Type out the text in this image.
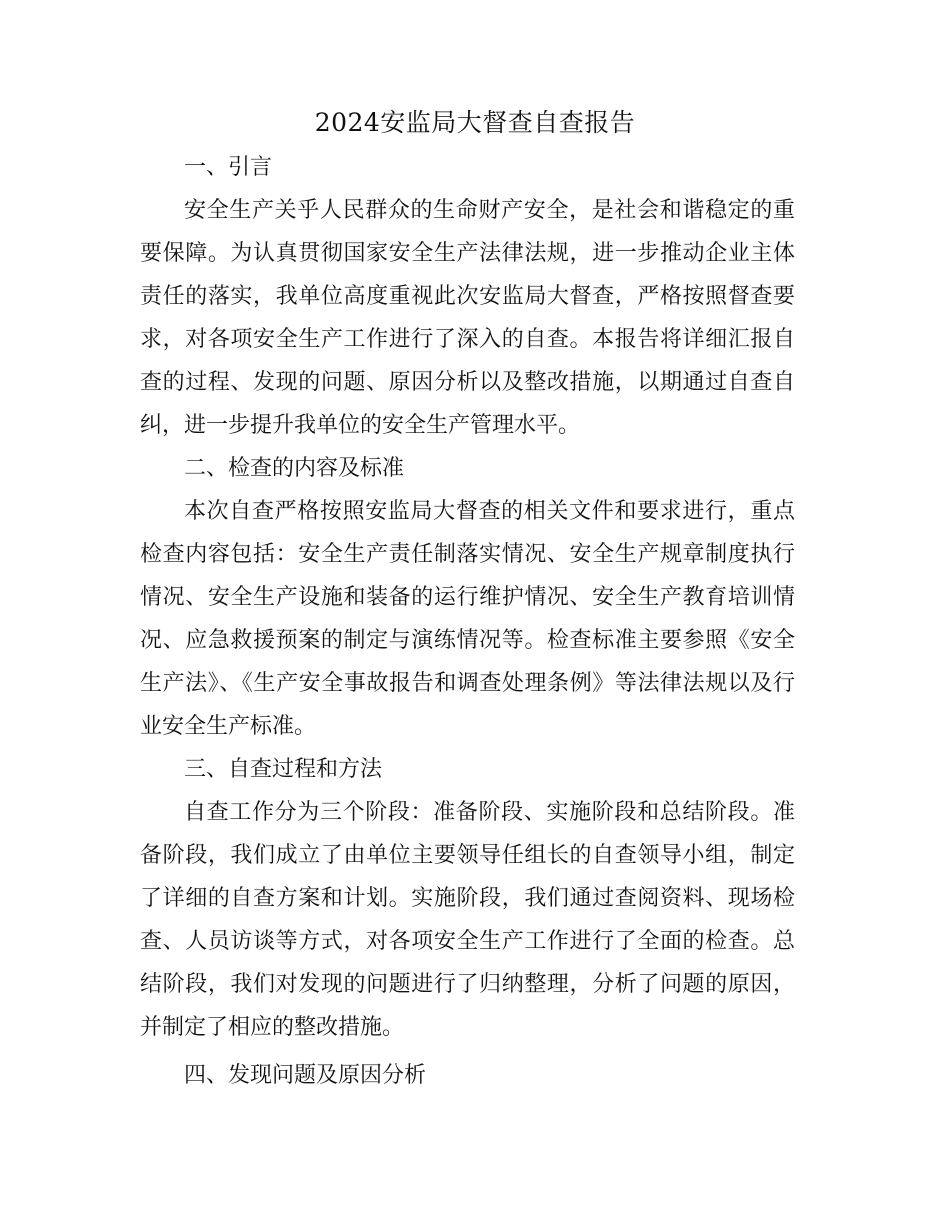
2024安监局大督查自查报告

一、引言

安全生产关乎人民群众的生命财产安全，是社会和谐稳定的重要保障。为认真贯彻国家安全生产法律法规，进一步推动企业主体责任的落实，我单位高度重视此次安监局大督查，严格按照督查要求，对各项安全生产工作进行了深入的自查。本报告将详细汇报自查的过程、发现的问题、原因分析以及整改措施，以期通过自查自纠，进一步提升我单位的安全生产管理水平。

二、检查的内容及标准

本次自查严格按照安监局大督查的相关文件和要求进行，重点检查内容包括：安全生产责任制落实情况、安全生产规章制度执行情况、安全生产设施和装备的运行维护情况、安全生产教育培训情况、应急救援预案的制定与演练情况等。检查标准主要参照《安全生产法》、《生产安全事故报告和调查处理条例》等法律法规以及行业安全生产标准。

三、自查过程和方法

自查工作分为三个阶段：准备阶段、实施阶段和总结阶段。准备阶段，我们成立了由单位主要领导任组长的自查领导小组，制定了详细的自查方案和计划。实施阶段，我们通过查阅资料、现场检查、人员访谈等方式，对各项安全生产工作进行了全面的检查。总结阶段，我们对发现的问题进行了归纳整理，分析了问题的原因，并制定了相应的整改措施。

四、发现问题及原因分析
